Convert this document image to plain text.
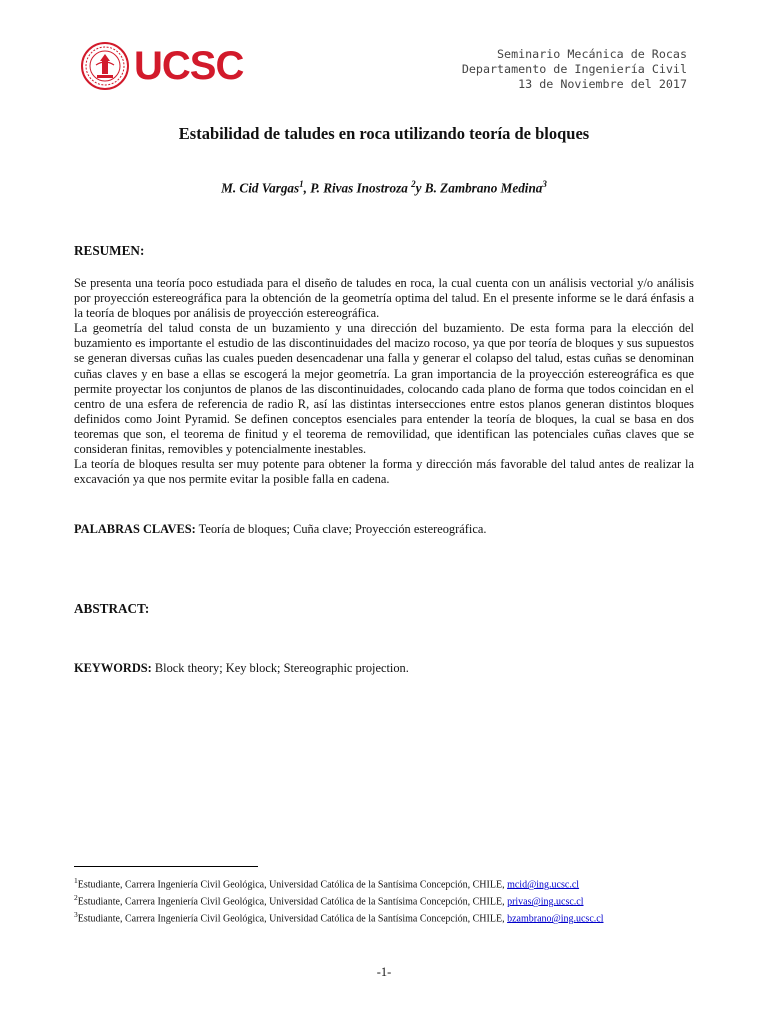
UCSC	Seminario Mecánica de Rocas
Departamento de Ingeniería Civil
13 de Noviembre del 2017
Estabilidad de taludes en roca utilizando teoría de bloques
M. Cid Vargas$^1$, P. Rivas Inostroza $^2$y B. Zambrano Medina$^3$
RESUMEN:

Se presenta una teoría poco estudiada para el diseño de taludes en roca, la cual cuenta con un análisis vectorial y/o análisis por proyección estereográfica para la obtención de la geometría optima del talud. En el presente informe se le dará énfasis a la teoría de bloques por análisis de proyección estereográfica.

La geometría del talud consta de un buzamiento y una dirección del buzamiento. De esta forma para la elección del buzamiento es importante el estudio de las discontinuidades del macizo rocoso, ya que por teoría de bloques y sus supuestos se generan diversas cuñas las cuales pueden desencadenar una falla y generar el colapso del talud, estas cuñas se denominan cuñas claves y en base a ellas se escogerá la mejor geometría. La gran importancia de la proyección estereográfica es que permite proyectar los conjuntos de planos de las discontinuidades, colocando cada plano de forma que todos coincidan en el centro de una esfera de referencia de radio R, así las distintas intersecciones entre estos planos generan distintos bloques definidos como Joint Pyramid. Se definen conceptos esenciales para entender la teoría de bloques, la cual se basa en dos teoremas que son, el teorema de finitud y el teorema de removilidad, que identifican las potenciales cuñas claves que se consideran finitas, removibles y potencialmente inestables.

La teoría de bloques resulta ser muy potente para obtener la forma y dirección más favorable del talud antes de realizar la excavación ya que nos permite evitar la posible falla en cadena.

PALABRAS CLAVES: Teoría de bloques; Cuña clave; Proyección estereográfica.
ABSTRACT:
KEYWORDS: Block theory; Key block; Stereographic projection.
$^1$Estudiante, Carrera Ingeniería Civil Geológica, Universidad Católica de la Santísima Concepción, CHILE, mcid@ing.ucsc.cl
$^2$Estudiante, Carrera Ingeniería Civil Geológica, Universidad Católica de la Santísima Concepción, CHILE, privas@ing.ucsc.cl
$^3$Estudiante, Carrera Ingeniería Civil Geológica, Universidad Católica de la Santísima Concepción, CHILE, bzambrano@ing.ucsc.cl
-1-
